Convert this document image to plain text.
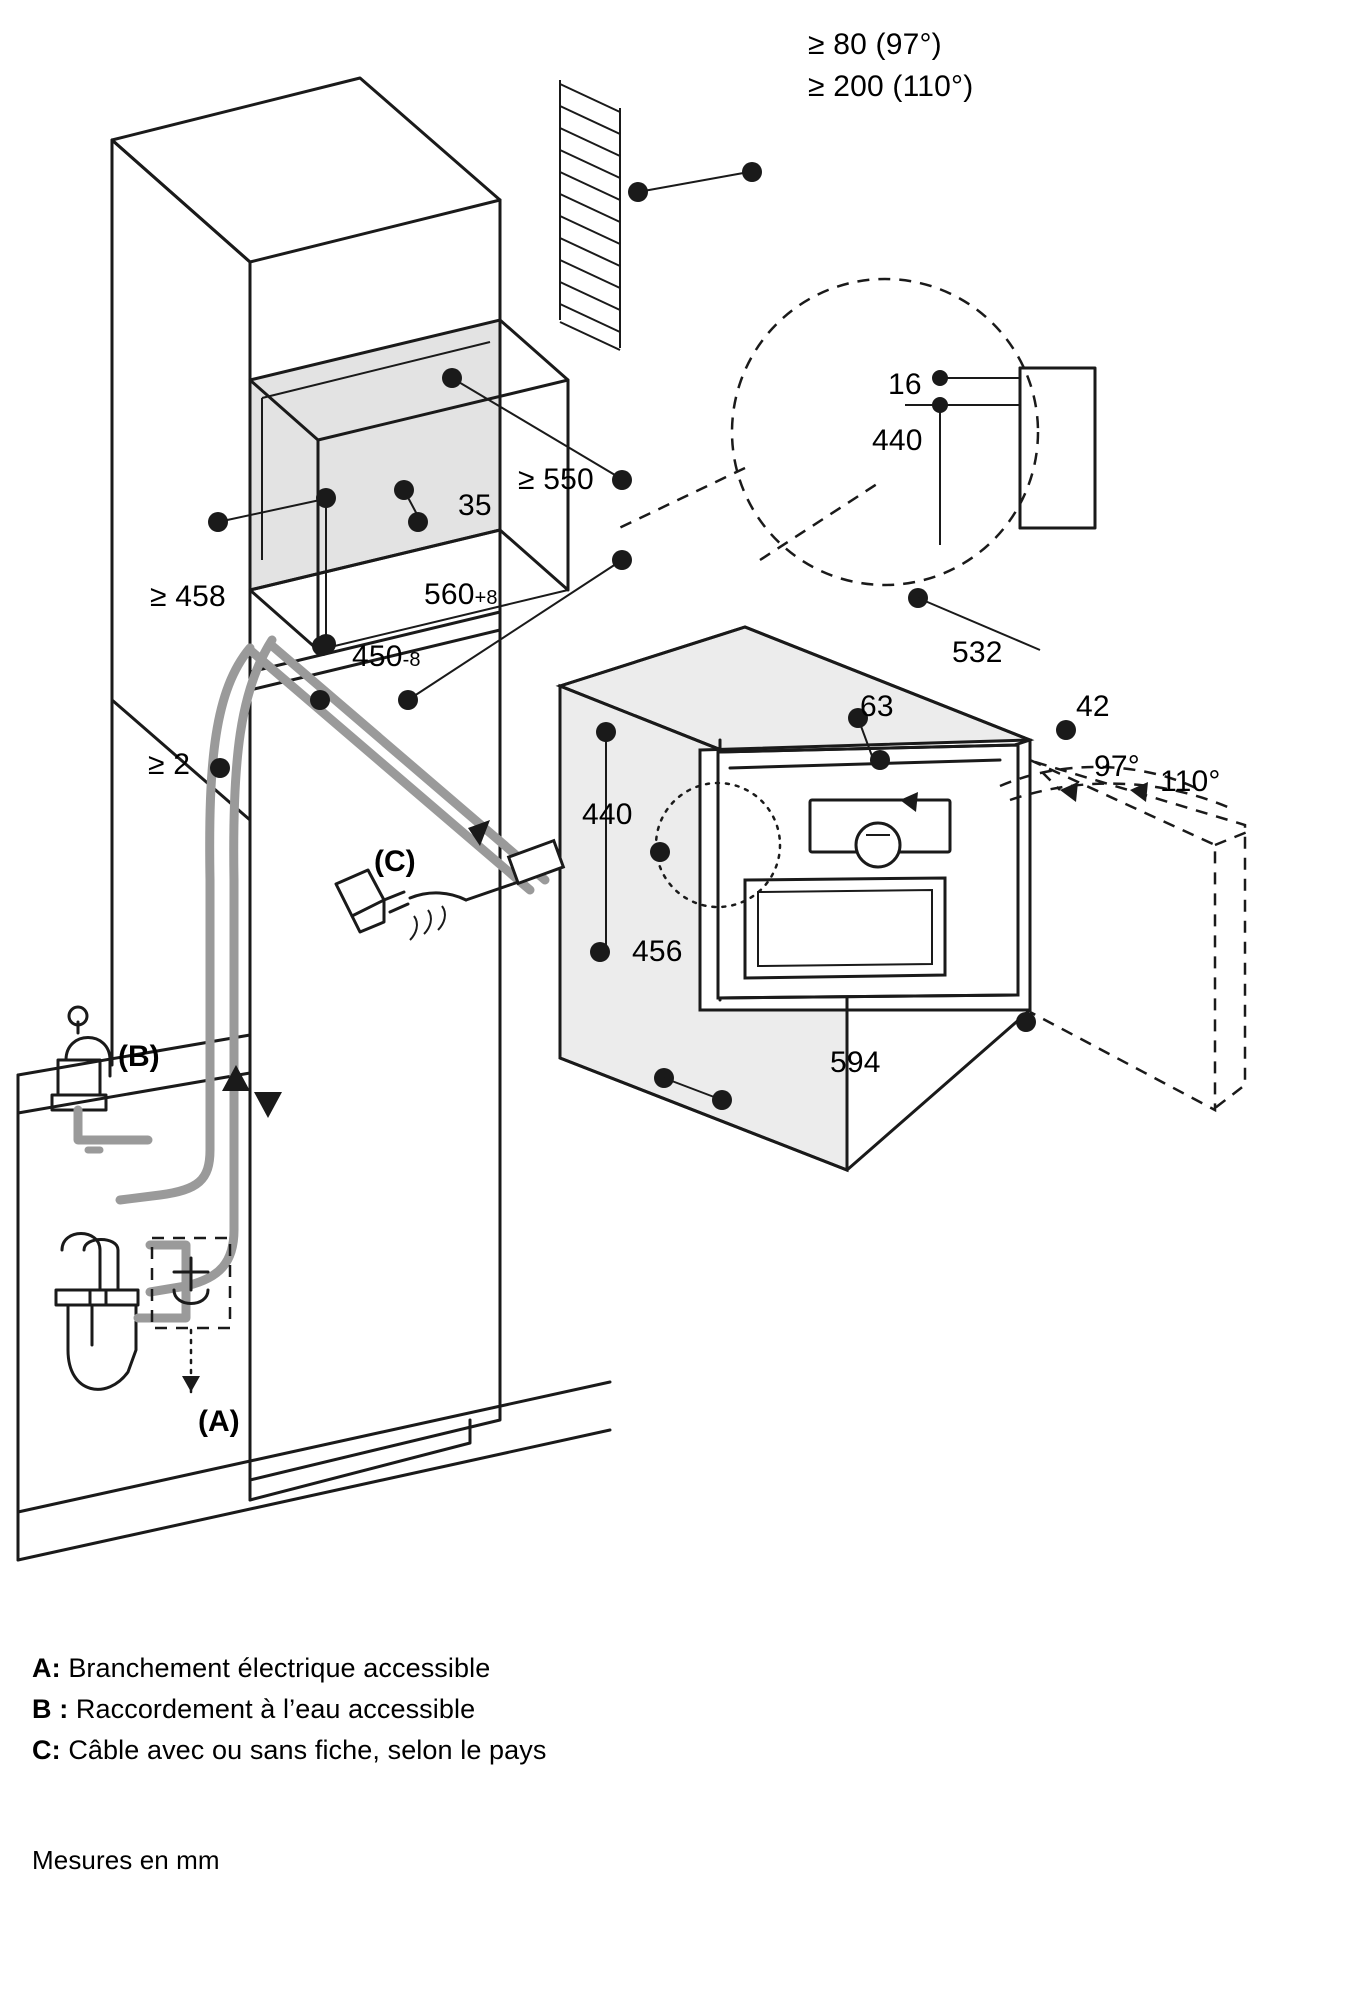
≥ 80 (97°)
≥ 200 (110°)
≥ 550
35
560+8
450-8
≥ 458
≥ 2
16
440
532
42
97° 110°
63
440
456
594
(C)
(B)
(A)
A: Branchement électrique accessible
B : Raccordement à l’eau accessible
C: Câble avec ou sans fiche, selon le pays
Mesures en mm
